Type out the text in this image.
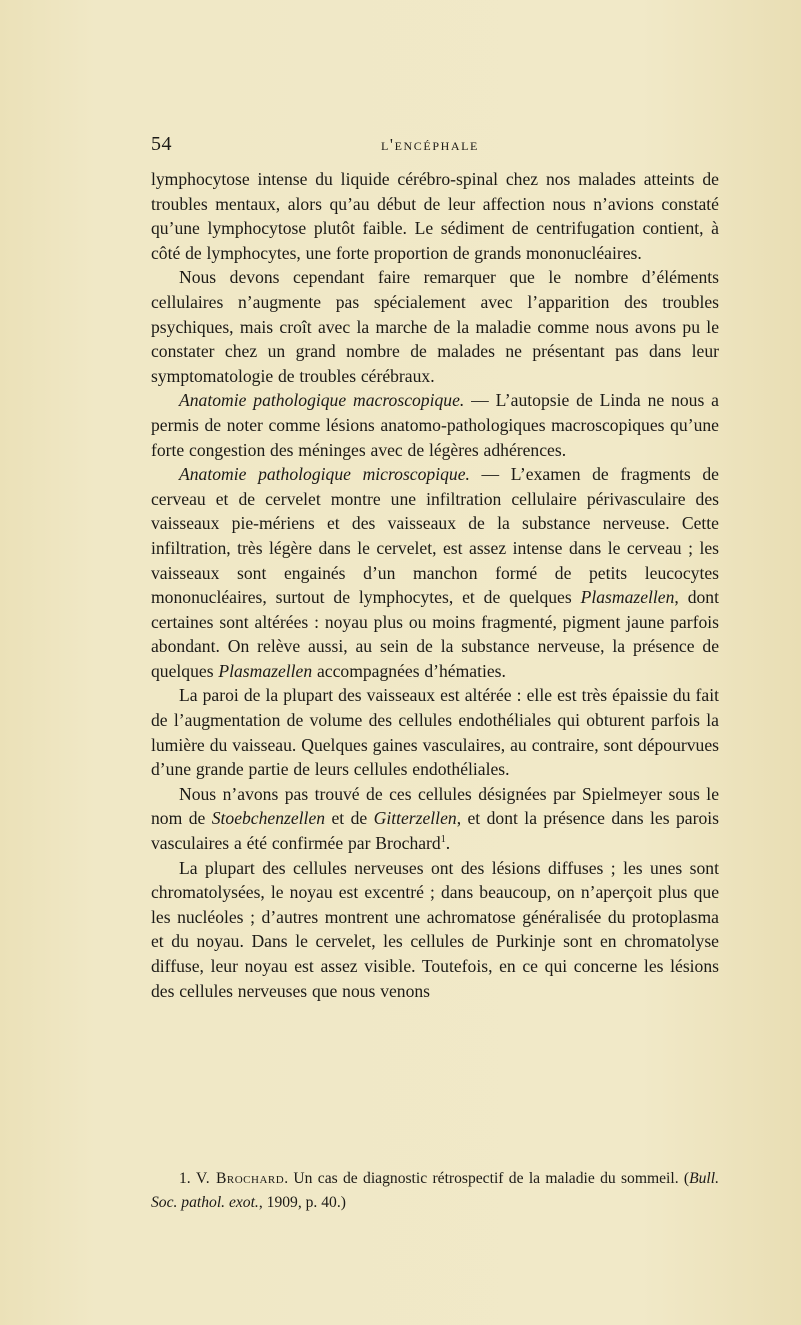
54	l'encéphale

lymphocytose intense du liquide cérébro-spinal chez nos malades atteints de troubles mentaux, alors qu’au début de leur affection nous n’avions constaté qu’une lymphocytose plutôt faible. Le sédiment de centrifugation contient, à côté de lymphocytes, une forte proportion de grands mononucléaires.

Nous devons cependant faire remarquer que le nombre d’éléments cellulaires n’augmente pas spécialement avec l’apparition des troubles psychiques, mais croît avec la marche de la maladie comme nous avons pu le constater chez un grand nombre de malades ne présentant pas dans leur symptomatologie de troubles cérébraux.

Anatomie pathologique macroscopique. — L’autopsie de Linda ne nous a permis de noter comme lésions anatomo-pathologiques macroscopiques qu’une forte congestion des méninges avec de légères adhérences.

Anatomie pathologique microscopique. — L’examen de fragments de cerveau et de cervelet montre une infiltration cellulaire périvasculaire des vaisseaux pie-mériens et des vaisseaux de la substance nerveuse. Cette infiltration, très légère dans le cervelet, est assez intense dans le cerveau ; les vaisseaux sont engainés d’un manchon formé de petits leucocytes mononucléaires, surtout de lymphocytes, et de quelques Plasmazellen, dont certaines sont altérées : noyau plus ou moins fragmenté, pigment jaune parfois abondant. On relève aussi, au sein de la substance nerveuse, la présence de quelques Plasmazellen accompagnées d’hématies.

La paroi de la plupart des vaisseaux est altérée : elle est très épaissie du fait de l’augmentation de volume des cellules endothéliales qui obturent parfois la lumière du vaisseau. Quelques gaines vasculaires, au contraire, sont dépourvues d’une grande partie de leurs cellules endothéliales.

Nous n’avons pas trouvé de ces cellules désignées par Spielmeyer sous le nom de Stoebchenzellen et de Gitterzellen, et dont la présence dans les parois vasculaires a été confirmée par Brochard$^1$.

La plupart des cellules nerveuses ont des lésions diffuses ; les unes sont chromatolysées, le noyau est excentré ; dans beaucoup, on n’aperçoit plus que les nucléoles ; d’autres montrent une achromatose généralisée du protoplasma et du noyau. Dans le cervelet, les cellules de Purkinje sont en chromatolyse diffuse, leur noyau est assez visible. Toutefois, en ce qui concerne les lésions des cellules nerveuses que nous venons

1. V. Brochard. Un cas de diagnostic rétrospectif de la maladie du sommeil. (Bull. Soc. pathol. exot., 1909, p. 40.)
